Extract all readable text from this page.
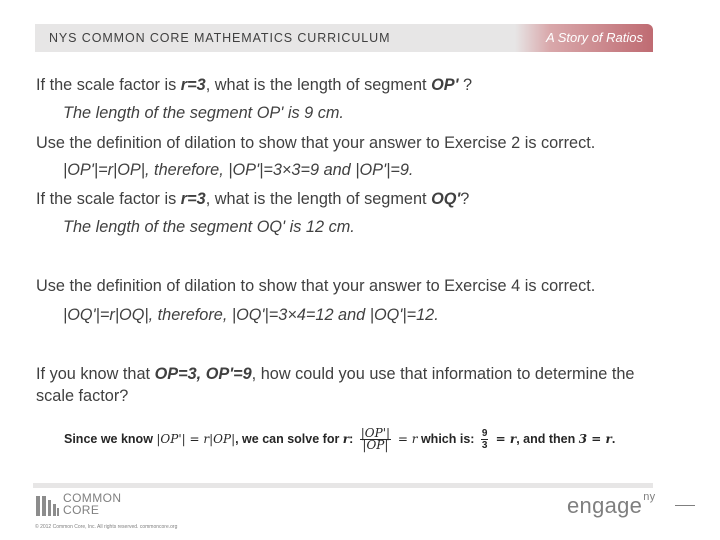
NYS COMMON CORE MATHEMATICS CURRICULUM	A Story of Ratios
If the scale factor is r=3, what is the length of segment OP' ?
The length of the segment OP' is 9 cm.
Use the definition of dilation to show that your answer to Exercise 2 is correct.
|OP'|=r|OP|, therefore, |OP'|=3×3=9 and |OP'|=9.
If the scale factor is r=3, what is the length of segment OQ'?
The length of the segment OQ' is 12 cm.
Use the definition of dilation to show that your answer to Exercise 4 is correct.
|OQ'|=r|OQ|, therefore, |OQ'|=3×4=12 and |OQ'|=12.
If you know that OP=3, OP'=9, how could you use that information to determine the scale factor?
Since we know |OP'| = r|OP|, we can solve for r: $\frac{|OP'|}{|OP|} = r$ which is: $\frac{9}{3} = r$, and then 3 = r.
COMMON
CORE
© 2012 Common Core, Inc. All rights reserved. commoncore.org
engage$^{ny}$
